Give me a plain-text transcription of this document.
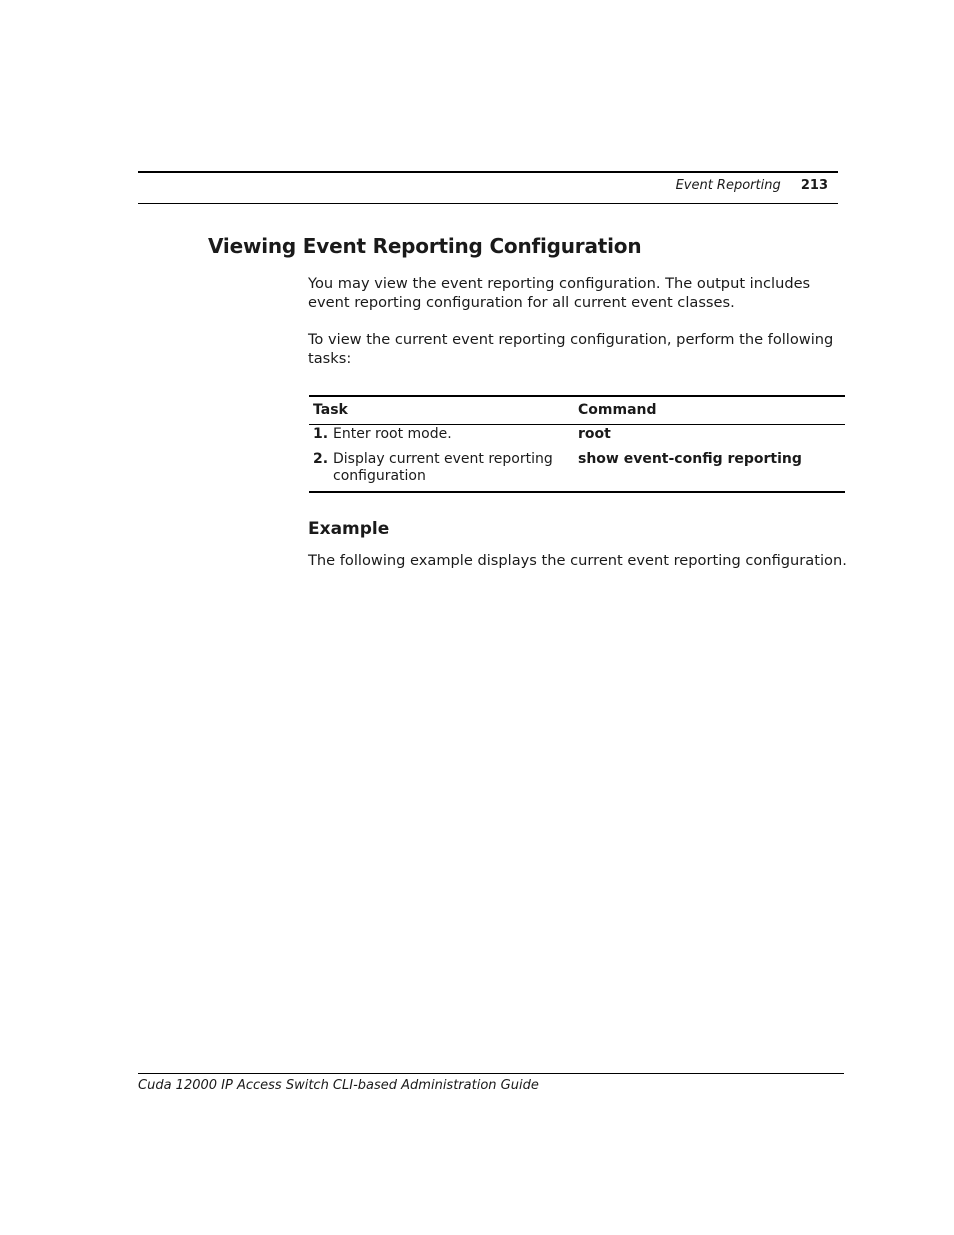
Event Reporting 213
Viewing Event Reporting Configuration

You may view the event reporting configuration. The output includes event reporting configuration for all current event classes.

To view the current event reporting configuration, perform the following tasks:

Task	Command

1. Enter root mode.	root

2. Display current event reporting configuration	show event-config reporting
Example

The following example displays the current event reporting configuration.

Cuda 12000 IP Access Switch CLI-based Administration Guide
